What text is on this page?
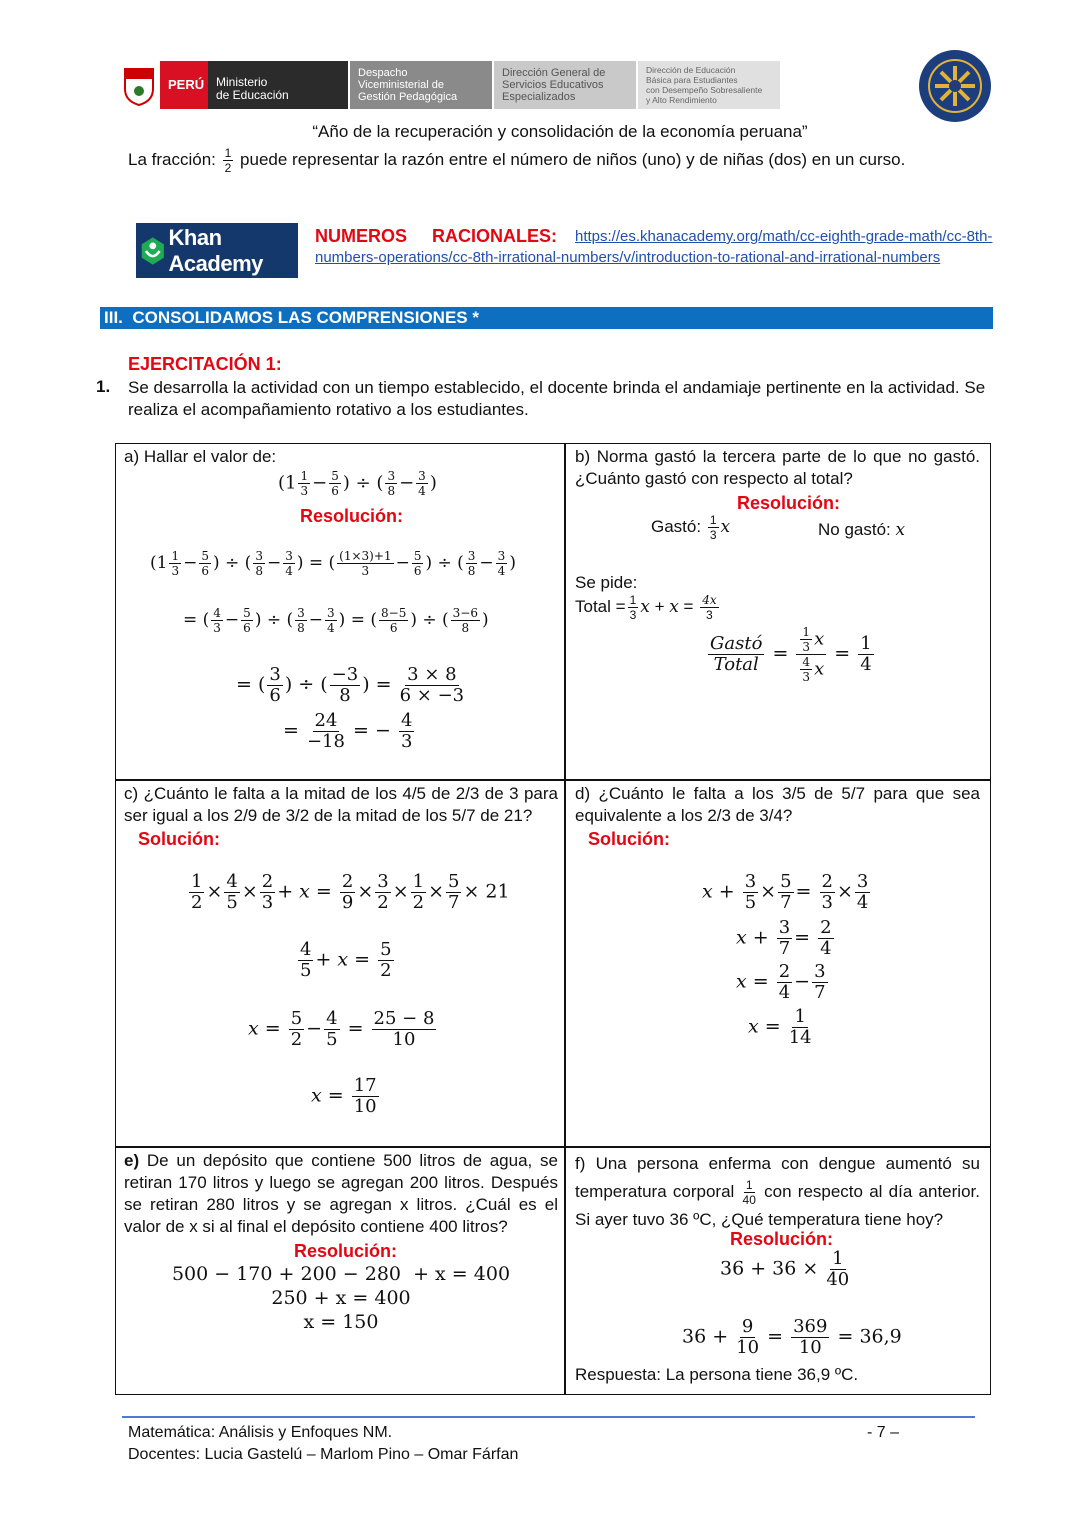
PERÚ Ministerio
de Educación
Despacho
Viceministerial de
Gestión Pedagógica
Dirección General de
Servicios Educativos
Especializados
Dirección de Educación
Básica para Estudiantes
con Desempeño Sobresaliente
y Alto Rendimiento
“Año de la recuperación y consolidación de la economía peruana”
La fracción: $\frac{1}{2}$ puede representar la razón entre el número de niños (uno) y de niñas (dos) en un curso.
Khan Academy
NUMEROS     RACIONALES: https://es.khanacademy.org/math/cc-eighth-grade-math/cc-8th-
numbers-operations/cc-8th-irrational-numbers/v/introduction-to-rational-and-irrational-numbers
III.  CONSOLIDAMOS LAS COMPRENSIONES *
EJERCITACIÓN 1:
1. Se desarrolla la actividad con un tiempo establecido, el docente brinda el andamiaje pertinente en la actividad. Se realiza el acompañamiento rotativo a los estudiantes.
a) Hallar el valor de:
($1 \frac{1}{3} - \frac{5}{6}$ ) ÷ ( $\frac{3}{8} - \frac{3}{4}$ )
Resolución:
($1 \frac{1}{3} - \frac{5}{6}$ ) ÷ ( $\frac{3}{8} - \frac{3}{4}$ ) = ( $\frac{(1\times 3)+1}{3} - \frac{5}{6}$ ) ÷ ( $\frac{3}{8} - \frac{3}{4}$ )
= ( $\frac{4}{3} - \frac{5}{6}$ ) ÷ ( $\frac{3}{8} - \frac{3}{4}$ ) = ( $\frac{8-5}{6}$ ) ÷ ( $\frac{3-6}{8}$ )
= ( $\frac{3}{6}$ ) ÷ ( $\frac{-3}{8}$ ) = $\frac{3 \times 8}{6 \times -3}$
= $\frac{24}{-18}$ = − $\frac{4}{3}$
b) Norma gastó la tercera parte de lo que no gastó. ¿Cuánto gastó con respecto al total?
Resolución:
Gastó: $\frac{1}{3}$ x	No gastó: x
Se pide:
Total = $\frac{1}{3}$ $x + x = \frac{4x}{3}$
Gastó
Total = $\frac{\frac{1}{3} x}{\frac{4}{3} x} = \frac{1}{4}$
c) ¿Cuánto le falta a la mitad de los 4/5 de 2/3 de 3 para ser igual a los 2/9 de 3/2 de la mitad de los 5/7 de 21?
Solución:
$\frac{1}{2} \times \frac{4}{5} \times \frac{2}{3} + x = \frac{2}{9} \times \frac{3}{2} \times \frac{1}{2} \times \frac{5}{7} \times 21$
$\frac{4}{5} + x = \frac{5}{2}$
$x = \frac{5}{2} - \frac{4}{5} = \frac{25 - 8}{10}$
$x = \frac{17}{10}$
d) ¿Cuánto le falta a los 3/5 de 5/7 para que sea equivalente a los 2/3 de 3/4?
Solución:
$x + \frac{3}{5} \times \frac{5}{7} = \frac{2}{3} \times \frac{3}{4}$
$x + \frac{3}{7} = \frac{2}{4}$
$x = \frac{2}{4} - \frac{3}{7}$
$x = \frac{1}{14}$
e) De un depósito que contiene 500 litros de agua, se retiran 170 litros y luego se agregan 200 litros. Después se retiran 280 litros y se agregan x litros. ¿Cuál es el valor de x si al final el depósito contiene 400 litros?
Resolución:
500 − 170 + 200 − 280  + x = 400
250 + x = 400
x = 150
f) Una persona enferma con dengue aumentó su temperatura corporal $\frac{1}{40}$ con respecto al día anterior. Si ayer tuvo 36 ºC, ¿Qué temperatura tiene hoy?
Resolución:
$36 + 36 \times \frac{1}{40}$
$36 + \frac{9}{10} = \frac{369}{10} = 36,9$
Respuesta: La persona tiene 36,9 ºC.
Matemática: Análisis y Enfoques NM.
Docentes: Lucia Gastelú – Marlom Pino – Omar Fárfan
- 7 –
